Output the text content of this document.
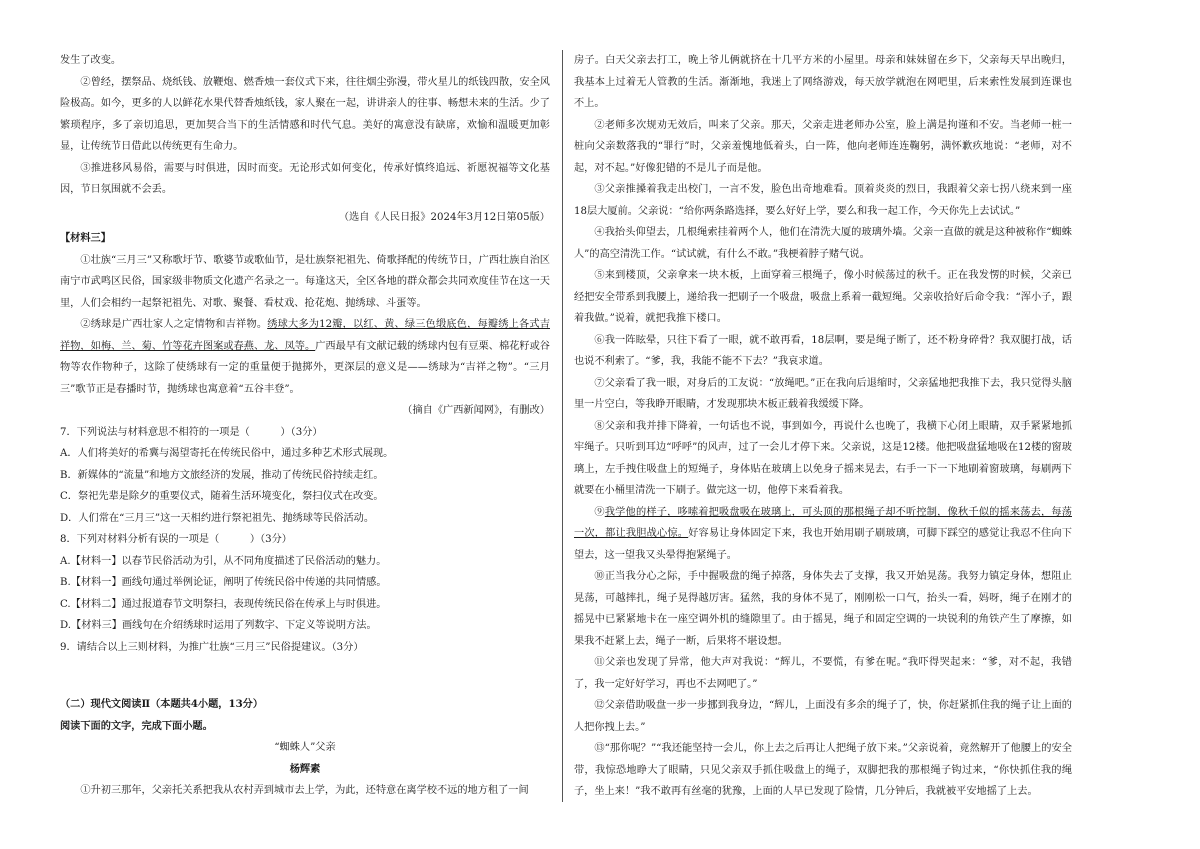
发生了改变。

②曾经，摆祭品、烧纸钱、放鞭炮、燃香烛一套仪式下来，往往烟尘弥漫，带火星儿的纸钱四散，安全风险极高。如今，更多的人以鲜花水果代替香烛纸钱，家人聚在一起，讲讲亲人的往事、畅想未来的生活。少了繁琐程序，多了亲切追思，更加契合当下的生活情感和时代气息。美好的寓意没有缺席，欢愉和温暖更加彰显，让传统节日借此以传统更有生命力。

③推进移风易俗，需要与时俱进，因时而变。无论形式如何变化，传承好慎终追远、祈愿祝福等文化基因，节日氛围就不会丢。

（选自《人民日报》2024年3月12日第05版）

【材料三】

①壮族“三月三”又称歌圩节、歌婆节或歌仙节，是壮族祭祀祖先、倚歌择配的传统节日，广西壮族自治区南宁市武鸣区民俗，国家级非物质文化遗产名录之一。每逢这天，全区各地的群众都会共同欢度佳节在这一天里，人们会相约一起祭祀祖先、对歌、聚餐、看杖戏、抢花炮、抛绣球、斗蛋等。

②绣球是广西壮家人之定情物和吉祥物。绣球大多为12瓣，以红、黄、绿三色缎底色，每瓣绣上各式吉祥物，如梅、兰、菊、竹等花卉图案或春燕、龙、凤等。广西最早有文献记载的绣球内包有豆栗、棉花籽或谷物等农作物种子，这除了使绣球有一定的重量便于抛掷外，更深层的意义是——绣球为“吉祥之物”。“三月三”歌节正是春播时节，抛绣球也寓意着“五谷丰登”。

（摘自《广西新闻网》，有删改）

7．下列说法与材料意思不相符的一项是（　　　）（3分）

A．人们将美好的希冀与渴望寄托在传统民俗中，通过多种艺术形式展现。

B．新媒体的“流量”和地方文旅经济的发展，推动了传统民俗持续走红。

C．祭祀先辈是除夕的重要仪式，随着生活环境变化，祭扫仪式在改变。

D．人们常在“三月三”这一天相约进行祭祀祖先、抛绣球等民俗活动。

8．下列对材料分析有误的一项是（　　　）（3分）

A.【材料一】以春节民俗活动为引，从不同角度描述了民俗活动的魅力。

B.【材料一】画线句通过举例论证，阐明了传统民俗中传递的共同情感。

C.【材料二】通过报道春节文明祭扫，表现传统民俗在传承上与时俱进。

D.【材料三】画线句在介绍绣球时运用了列数字、下定义等说明方法。

9．请结合以上三则材料，为推广壮族“三月三”民俗提建议。（3分）

（二）现代文阅读Ⅱ（本题共4小题，13分）

阅读下面的文字，完成下面小题。

“蜘蛛人”父亲

杨辉素

①升初三那年，父亲托关系把我从农村弄到城市去上学，为此，还特意在离学校不远的地方租了一间

房子。白天父亲去打工，晚上爷儿俩就挤在十几平方米的小屋里。母亲和妹妹留在乡下，父亲每天早出晚归，我基本上过着无人管教的生活。渐渐地，我迷上了网络游戏，每天放学就泡在网吧里，后来索性发展到连课也不上。

②老师多次规劝无效后，叫来了父亲。那天，父亲走进老师办公室，脸上满是拘谨和不安。当老师一桩一桩向父亲数落我的“罪行”时，父亲羞愧地低着头，白一阵，他向老师连连鞠躬，满怀歉疚地说：“老师，对不起，对不起。”好像犯错的不是儿子而是他。

③父亲推搡着我走出校门，一言不发，脸色出奇地难看。顶着炎炎的烈日，我跟着父亲七拐八绕来到一座18层大厦前。父亲说：“给你两条路选择，要么好好上学，要么和我一起工作，今天你先上去试试。”

④我抬头仰望去，几根绳索挂着两个人，他们在清洗大厦的玻璃外墙。父亲一直做的就是这种被称作“蜘蛛人”的高空清洗工作。“试试就，有什么不敢。”我梗着脖子赌气说。

⑤来到楼顶，父亲拿来一块木板，上面穿着三根绳子，像小时候荡过的秋千。正在我发愣的时候，父亲已经把安全带系到我腰上，递给我一把刷子一个吸盘，吸盘上系着一截短绳。父亲收拾好后命令我：“浑小子，跟着我做。”说着，就把我推下楼口。

⑥我一阵眩晕，只往下看了一眼，就不敢再看，18层啊，要是绳子断了，还不粉身碎骨？我双腿打战，话也说不利索了。“爹，我，我能不能不下去？”我哀求道。

⑦父亲看了我一眼，对身后的工友说：“放绳吧。”正在我向后退缩时，父亲猛地把我推下去，我只觉得头脑里一片空白，等我睁开眼睛，才发现那块木板正载着我缓缓下降。

⑧父亲和我并排下降着，一句话也不说，事到如今，再说什么也晚了，我横下心闭上眼睛，双手紧紧地抓牢绳子。只听到耳边“呼呼”的风声，过了一会儿才停下来。父亲说，这是12楼。他把吸盘猛地吸在12楼的窗玻璃上，左手拽住吸盘上的短绳子，身体贴在玻璃上以免身子摇来晃去，右手一下一下地刷着窗玻璃，每刷两下就要在小桶里清洗一下刷子。做完这一切，他停下来看着我。

⑨我学他的样子，哆嗦着把吸盘吸在玻璃上，可头顶的那根绳子却不听控制，像秋千似的摇来荡去，每荡一次，都让我胆战心惊。好容易让身体固定下来，我也开始用刷子刷玻璃，可脚下踩空的感觉让我忍不住向下望去，这一望我又头晕得抱紧绳子。

⑩正当我分心之际，手中握吸盘的绳子掉落，身体失去了支撑，我又开始晃荡。我努力镇定身体，想阻止晃荡，可越摔扎，绳子晃得越厉害。猛然，我的身体不晃了，刚刚松一口气，抬头一看，妈呀，绳子在刚才的摇晃中已紧紧地卡在一座空调外机的缝隙里了。由于摇晃，绳子和固定空调的一块锐利的角铁产生了摩擦，如果我不赶紧上去，绳子一断，后果将不堪设想。

⑪父亲也发现了异常，他大声对我说：“辉儿，不要慌，有爹在呢。”我吓得哭起来：“爹，对不起，我错了，我一定好好学习，再也不去网吧了。”

⑫父亲借助吸盘一步一步挪到我身边，“辉儿，上面没有多余的绳子了，快，你赶紧抓住我的绳子让上面的人把你拽上去。”

⑬“那你呢？”“我还能坚持一会儿，你上去之后再让人把绳子放下来。”父亲说着，竟然解开了他腰上的安全带，我惊恐地睁大了眼睛，只见父亲双手抓住吸盘上的绳子，双脚把我的那根绳子钩过来，“你快抓住我的绳子，坐上来！”我不敢再有丝毫的犹豫，上面的人早已发现了险情，几分钟后，我就被平安地摇了上去。
